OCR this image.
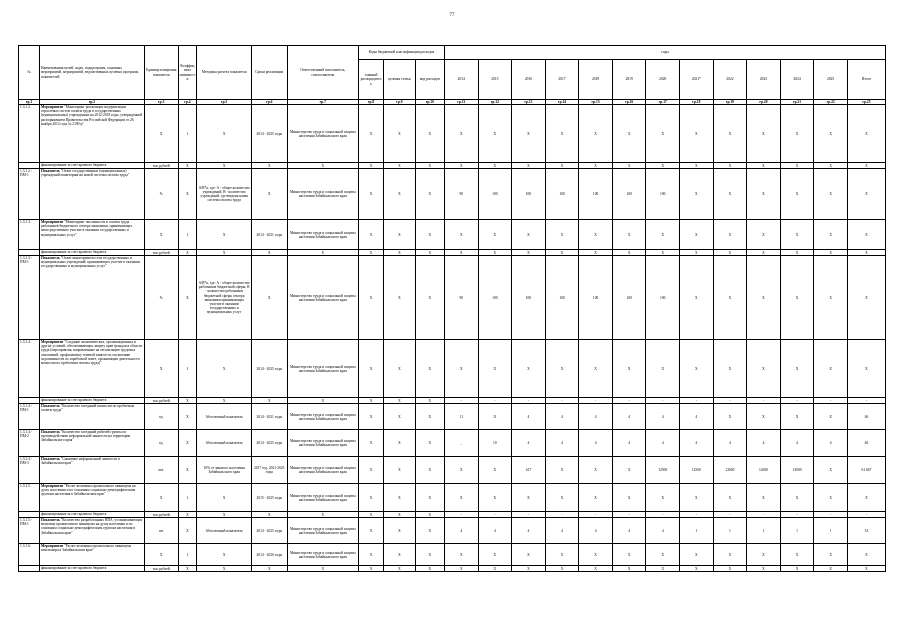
77
№	Наименования целей, задач, подпрограмм, основных мероприятий, мероприятий, ведомственных целевых программ, показателей	Единица измерения показателя	Коэффициент значимости	Методика расчета показателя	Сроки реализации	Ответственный исполнитель, соисполнители	Коды бюджетной классификации расходов			годы												
							главный распорядитель	целевая статья	вид расходов	2014	2015	2016	2017	2018	2019	2020	2021*	2022	2023	2024	2025	Итого
гр.1	гр.2	гр.3	гр.4	гр.5	гр.6	гр.7	гр.8	гр.9	гр.10	гр.11	гр.12	гр.13	гр.14	гр.15	гр.16	гр.17	гр.18	гр.19	гр.20	гр.21	гр.22	гр.23
1.3.1.2.	Мероприятие "Мониторинг реализации модернизации отраслевых систем оплаты труда в государственных (муниципальных) учреждениях на 2012-2018 годы, утвержденной распоряжением Правительства Российской Федерации от 26 ноября 2012 года № 2190-р"	Х	1	Х	2014 - 2025 годы	Министерство труда и социальной защиты населения Забайкальского края	Х	Х	Х	Х	Х	Х	Х	Х	Х	Х	Х	Х	Х	Х	Х	Х
	финансирование за счет краевого бюджета	тыс.рублей	Х	Х	Х	Х	Х	Х	Х	Х	Х	Х	Х	Х	Х	Х	Х	Х	Х	Х	Х	Х
1.3.1.2.-ПМ-1	Показатель "Охват государственных (муниципальных) учреждений мониторингом новой системы оплаты труда"	%	Х	А/В*к, где: А - общее количество учреждений; В - количество учреждений, где введена новая система оплаты труда	Х	Министерство труда и социальной защиты населения Забайкальского края	Х	Х	Х	90	100	100	100	100	100	100	Х	Х	Х	Х	Х	Х
1.3.1.3.	Мероприятие "Мониторинг численности и оплаты труда работников бюджетного сектора экономики, принимающих непосредственное участие в оказании государственных и муниципальных услуг"	Х	1	Х	2014 - 2021 годы	Министерство труда и социальной защиты населения Забайкальского края	Х	Х	Х	Х	Х	Х	Х	Х	Х	Х	Х	Х	Х	Х	Х	Х
	финансирование за счет краевого бюджета	тыс.рублей	Х	Х	Х	Х	Х	Х	Х	Х	Х	Х	Х	Х	Х	Х	Х	Х	Х	Х	Х	Х
1.3.1.3.-ПМ-1	Показатель "Охват мониторингом сети государственных и муниципальных учреждений, принимающих участие в оказании государственных и муниципальных услуг"	%	Х	А/В*к, где: А - общее количество работников бюджетной сферы; В - количество работников бюджетной сферы сектора экономики принимающих участие в оказании государственных и муниципальных услуг	Х	Министерство труда и социальной защиты населения Забайкальского края	Х	Х	Х	90	100	100	100	100	100	100	Х	Х	Х	Х	Х	Х
1.3.1.4.	Мероприятие "Создание экономических, организационных и других условий, обеспечивающих защиту прав граждан в области труда (мероприятия, направленные на легализацию трудовых отношений, профилактику теневой занятости, погашению задолженности по заработной плате, организацию деятельности комиссии по проблемам оплаты труда)"	Х	1	Х	2014 - 2025 годы	Министерство труда и социальной защиты населения Забайкальского края	Х	Х	Х	Х	Х	Х	Х	Х	Х	Х	Х	Х	Х	Х	Х	Х
	финансирование за счет краевого бюджета	тыс.рублей	Х	Х	Х	Х	Х	Х	Х	-	-	-	-	-	-	-	-	-	-	-	-	-
1.3.1.4.-ПМ-1	Показатель "Количество заседаний комиссии по проблемам оплаты труда"	ед.	Х	Абсолютный показатель	2014 - 2021 годы	Министерство труда и социальной защиты населения Забайкальского края	Х	Х	Х	11	11	4	4	4	4	4	4	Х	Х	Х	Х	46
1.3.1.4.-ПМ-2	Показатель "Количество заседаний рабочей группы по противодействию неформальной занятости на территории Забайкальского края"	ед.	Х	Абсолютный показатель	2014 - 2025 годы	Министерство труда и социальной защиты населения Забайкальского края	Х	Х	Х	_	10	4	4	4	4	4	4	4	4	4	4	46
1.3.1.4.-ПМ-3	Показатель "Снижение неформальной занятости в Забайкальском крае"	чел.	Х	10% от занятого населения Забайкальского края	2017 год, 2021-2025 годы	Министерство труда и социальной защиты населения Забайкальского края	Х	Х	Х	Х	Х	417	Х	Х	Х	12500	12500	12600	12650	13000	Х	61 667
1.3.1.5.	Мероприятие "Расчет величины прожиточного минимума на душу населения и по основным социально-демографическим группам населения в Забайкальском крае"	Х	1	Х	2015 - 2025 годы	Министерство труда и социальной защиты населения Забайкальского края	Х	Х	Х	Х	Х	Х	Х	Х	Х	Х	Х	Х	Х	Х	Х	Х
	финансирование за счет краевого бюджета	тыс.рублей	Х	Х	Х	Х	Х	Х	Х	-	-	-	-	-	-	-	-	-	-	-	-	-
1.3.1.5.-ПМ-1	Показатель "Количество разработанных НПА, устанавливающих величину прожиточного минимума на душу населения и по основным социально-демографическим группам населения в Забайкальском крае"	шт.	Х	Абсолютный показатель	2014 - 2025 годы	Министерство труда и социальной защиты населения Забайкальского края	Х	Х	Х	4	4	4	4	4	4	4	1	1	1	1	1	33
1.3.1.6.	Мероприятие "Расчет величины прожиточного минимума пенсионера в Забайкальском крае"	Х	1	Х	2014 - 2020 годы	Министерство труда и социальной защиты населения Забайкальского края	Х	Х	Х	Х	Х	Х	Х	Х	Х	Х	Х	Х	Х	Х	Х	Х
	финансирование за счет краевого бюджета	тыс.рублей	Х	Х	Х	Х	Х	Х	Х	Х	Х	Х	Х	Х	Х	Х	Х	Х	Х	Х	Х	Х
